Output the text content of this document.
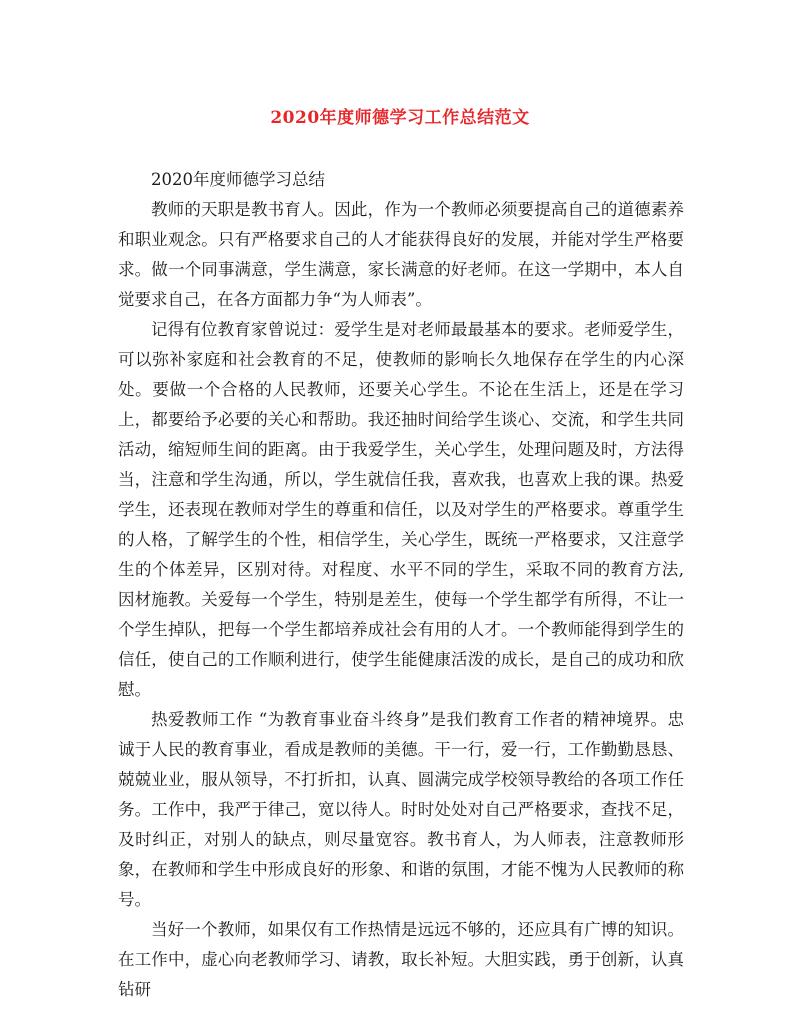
2020年度师德学习工作总结范文

2020年度师德学习总结

教师的天职是教书育人。因此，作为一个教师必须要提高自己的道德素养和职业观念。只有严格要求自己的人才能获得良好的发展，并能对学生严格要求。做一个同事满意，学生满意，家长满意的好老师。在这一学期中，本人自觉要求自己，在各方面都力争“为人师表”。

记得有位教育家曾说过：爱学生是对老师最最基本的要求。老师爱学生，可以弥补家庭和社会教育的不足，使教师的影响长久地保存在学生的内心深处。要做一个合格的人民教师，还要关心学生。不论在生活上，还是在学习上，都要给予必要的关心和帮助。我还抽时间给学生谈心、交流，和学生共同活动，缩短师生间的距离。由于我爱学生，关心学生，处理问题及时，方法得当，注意和学生沟通，所以，学生就信任我，喜欢我，也喜欢上我的课。热爱学生，还表现在教师对学生的尊重和信任，以及对学生的严格要求。尊重学生的人格，了解学生的个性，相信学生，关心学生，既统一严格要求，又注意学生的个体差异，区别对待。对程度、水平不同的学生，采取不同的教育方法,因材施教。关爱每一个学生，特别是差生，使每一个学生都学有所得，不让一个学生掉队，把每一个学生都培养成社会有用的人才。一个教师能得到学生的信任，使自己的工作顺利进行，使学生能健康活泼的成长，是自己的成功和欣慰。

热爱教师工作 “为教育事业奋斗终身”是我们教育工作者的精神境界。忠诚于人民的教育事业，看成是教师的美德。干一行，爱一行，工作勤勤恳恳、兢兢业业，服从领导，不打折扣，认真、圆满完成学校领导教给的各项工作任务。工作中，我严于律己，宽以待人。时时处处对自己严格要求，查找不足，及时纠正，对别人的缺点，则尽量宽容。教书育人，为人师表，注意教师形象，在教师和学生中形成良好的形象、和谐的氛围，才能不愧为人民教师的称号。

当好一个教师，如果仅有工作热情是远远不够的，还应具有广博的知识。在工作中，虚心向老教师学习、请教，取长补短。大胆实践，勇于创新，认真钻研
